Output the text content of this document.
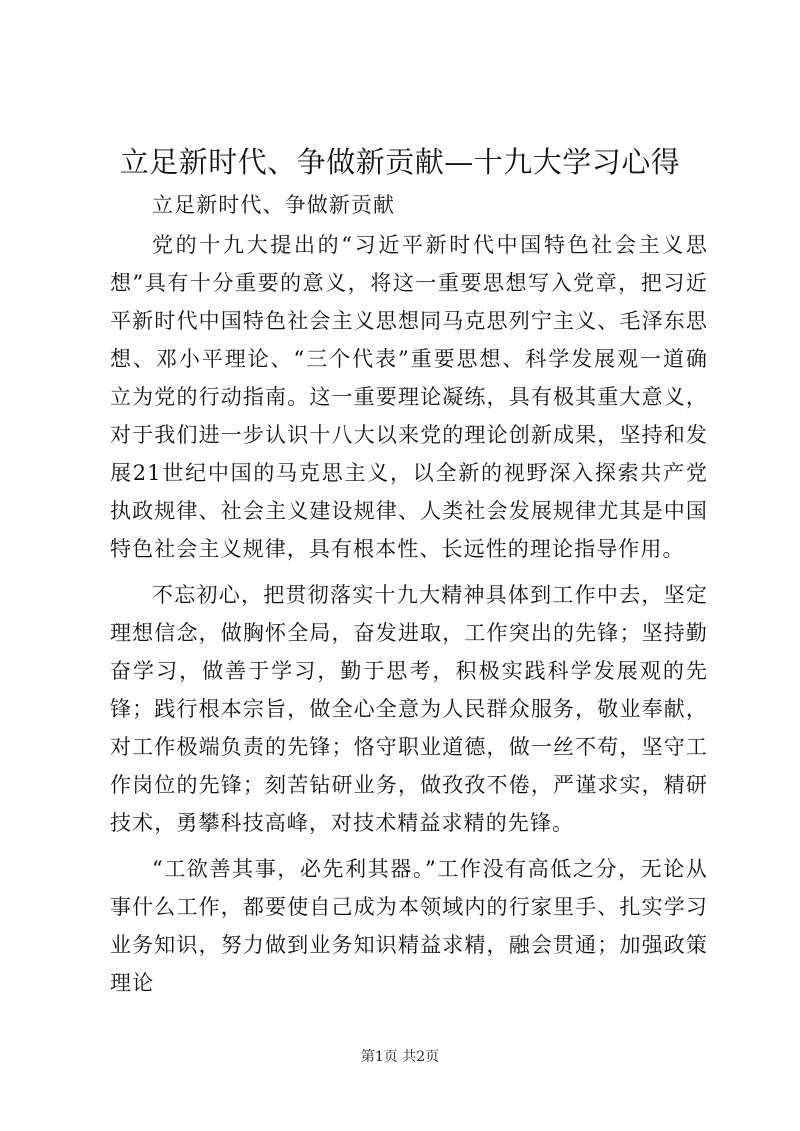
立足新时代、争做新贡献—十九大学习心得

立足新时代、争做新贡献

党的十九大提出的“习近平新时代中国特色社会主义思想”具有十分重要的意义，将这一重要思想写入党章，把习近平新时代中国特色社会主义思想同马克思列宁主义、毛泽东思想、邓小平理论、“三个代表”重要思想、科学发展观一道确立为党的行动指南。这一重要理论凝练，具有极其重大意义，对于我们进一步认识十八大以来党的理论创新成果，坚持和发展21世纪中国的马克思主义，以全新的视野深入探索共产党执政规律、社会主义建设规律、人类社会发展规律尤其是中国特色社会主义规律，具有根本性、长远性的理论指导作用。

不忘初心，把贯彻落实十九大精神具体到工作中去，坚定理想信念，做胸怀全局，奋发进取，工作突出的先锋；坚持勤奋学习，做善于学习，勤于思考，积极实践科学发展观的先锋；践行根本宗旨，做全心全意为人民群众服务，敬业奉献，对工作极端负责的先锋；恪守职业道德，做一丝不苟，坚守工作岗位的先锋；刻苦钻研业务，做孜孜不倦，严谨求实，精研技术，勇攀科技高峰，对技术精益求精的先锋。

“工欲善其事，必先利其器。”工作没有高低之分，无论从事什么工作，都要使自己成为本领域内的行家里手、扎实学习业务知识，努力做到业务知识精益求精，融会贯通；加强政策理论

第1页 共2页
